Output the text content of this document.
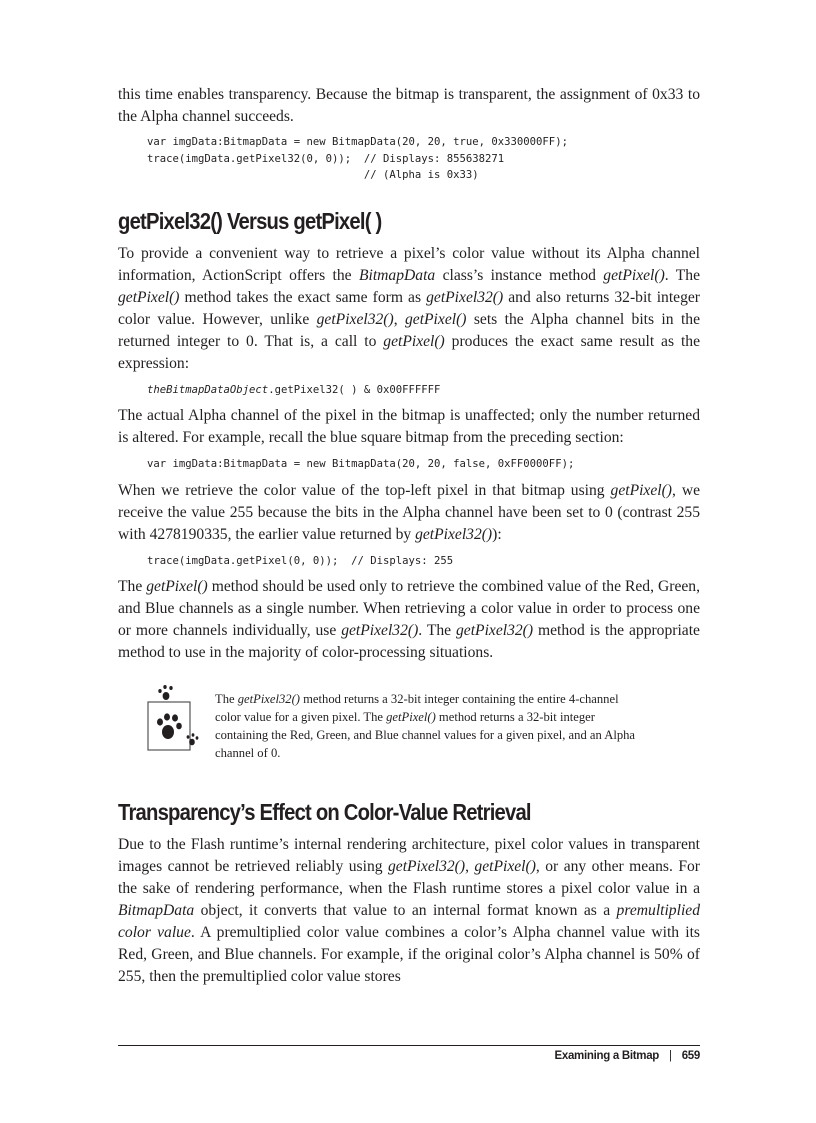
this time enables transparency. Because the bitmap is transparent, the assignment of 0x33 to the Alpha channel succeeds.

var imgData:BitmapData = new BitmapData(20, 20, true, 0x330000FF);
trace(imgData.getPixel32(0, 0));  // Displays: 855638271
// (Alpha is 0x33)
getPixel32() Versus getPixel( )

To provide a convenient way to retrieve a pixel’s color value without its Alpha channel information, ActionScript offers the BitmapData class’s instance method getPixel(). The getPixel() method takes the exact same form as getPixel32() and also returns 32-bit integer color value. However, unlike getPixel32(), getPixel() sets the Alpha channel bits in the returned integer to 0. That is, a call to getPixel() produces the exact same result as the expression:

theBitmapDataObject.getPixel32( ) & 0x00FFFFFF

The actual Alpha channel of the pixel in the bitmap is unaffected; only the number returned is altered. For example, recall the blue square bitmap from the preceding section:

var imgData:BitmapData = new BitmapData(20, 20, false, 0xFF0000FF);

When we retrieve the color value of the top-left pixel in that bitmap using getPixel(), we receive the value 255 because the bits in the Alpha channel have been set to 0 (contrast 255 with 4278190335, the earlier value returned by getPixel32()):

trace(imgData.getPixel(0, 0));  // Displays: 255

The getPixel() method should be used only to retrieve the combined value of the Red, Green, and Blue channels as a single number. When retrieving a color value in order to process one or more channels individually, use getPixel32(). The getPixel32() method is the appropriate method to use in the majority of color-processing situations.

The getPixel32() method returns a 32-bit integer containing the entire 4-channel color value for a given pixel. The getPixel() method returns a 32-bit integer containing the Red, Green, and Blue channel values for a given pixel, and an Alpha channel of 0.

Transparency’s Effect on Color-Value Retrieval

Due to the Flash runtime’s internal rendering architecture, pixel color values in transparent images cannot be retrieved reliably using getPixel32(), getPixel(), or any other means. For the sake of rendering performance, when the Flash runtime stores a pixel color value in a BitmapData object, it converts that value to an internal format known as a premultiplied color value. A premultiplied color value combines a color’s Alpha channel value with its Red, Green, and Blue channels. For example, if the original color’s Alpha channel is 50% of 255, then the premultiplied color value stores

Examining a Bitmap | 659
